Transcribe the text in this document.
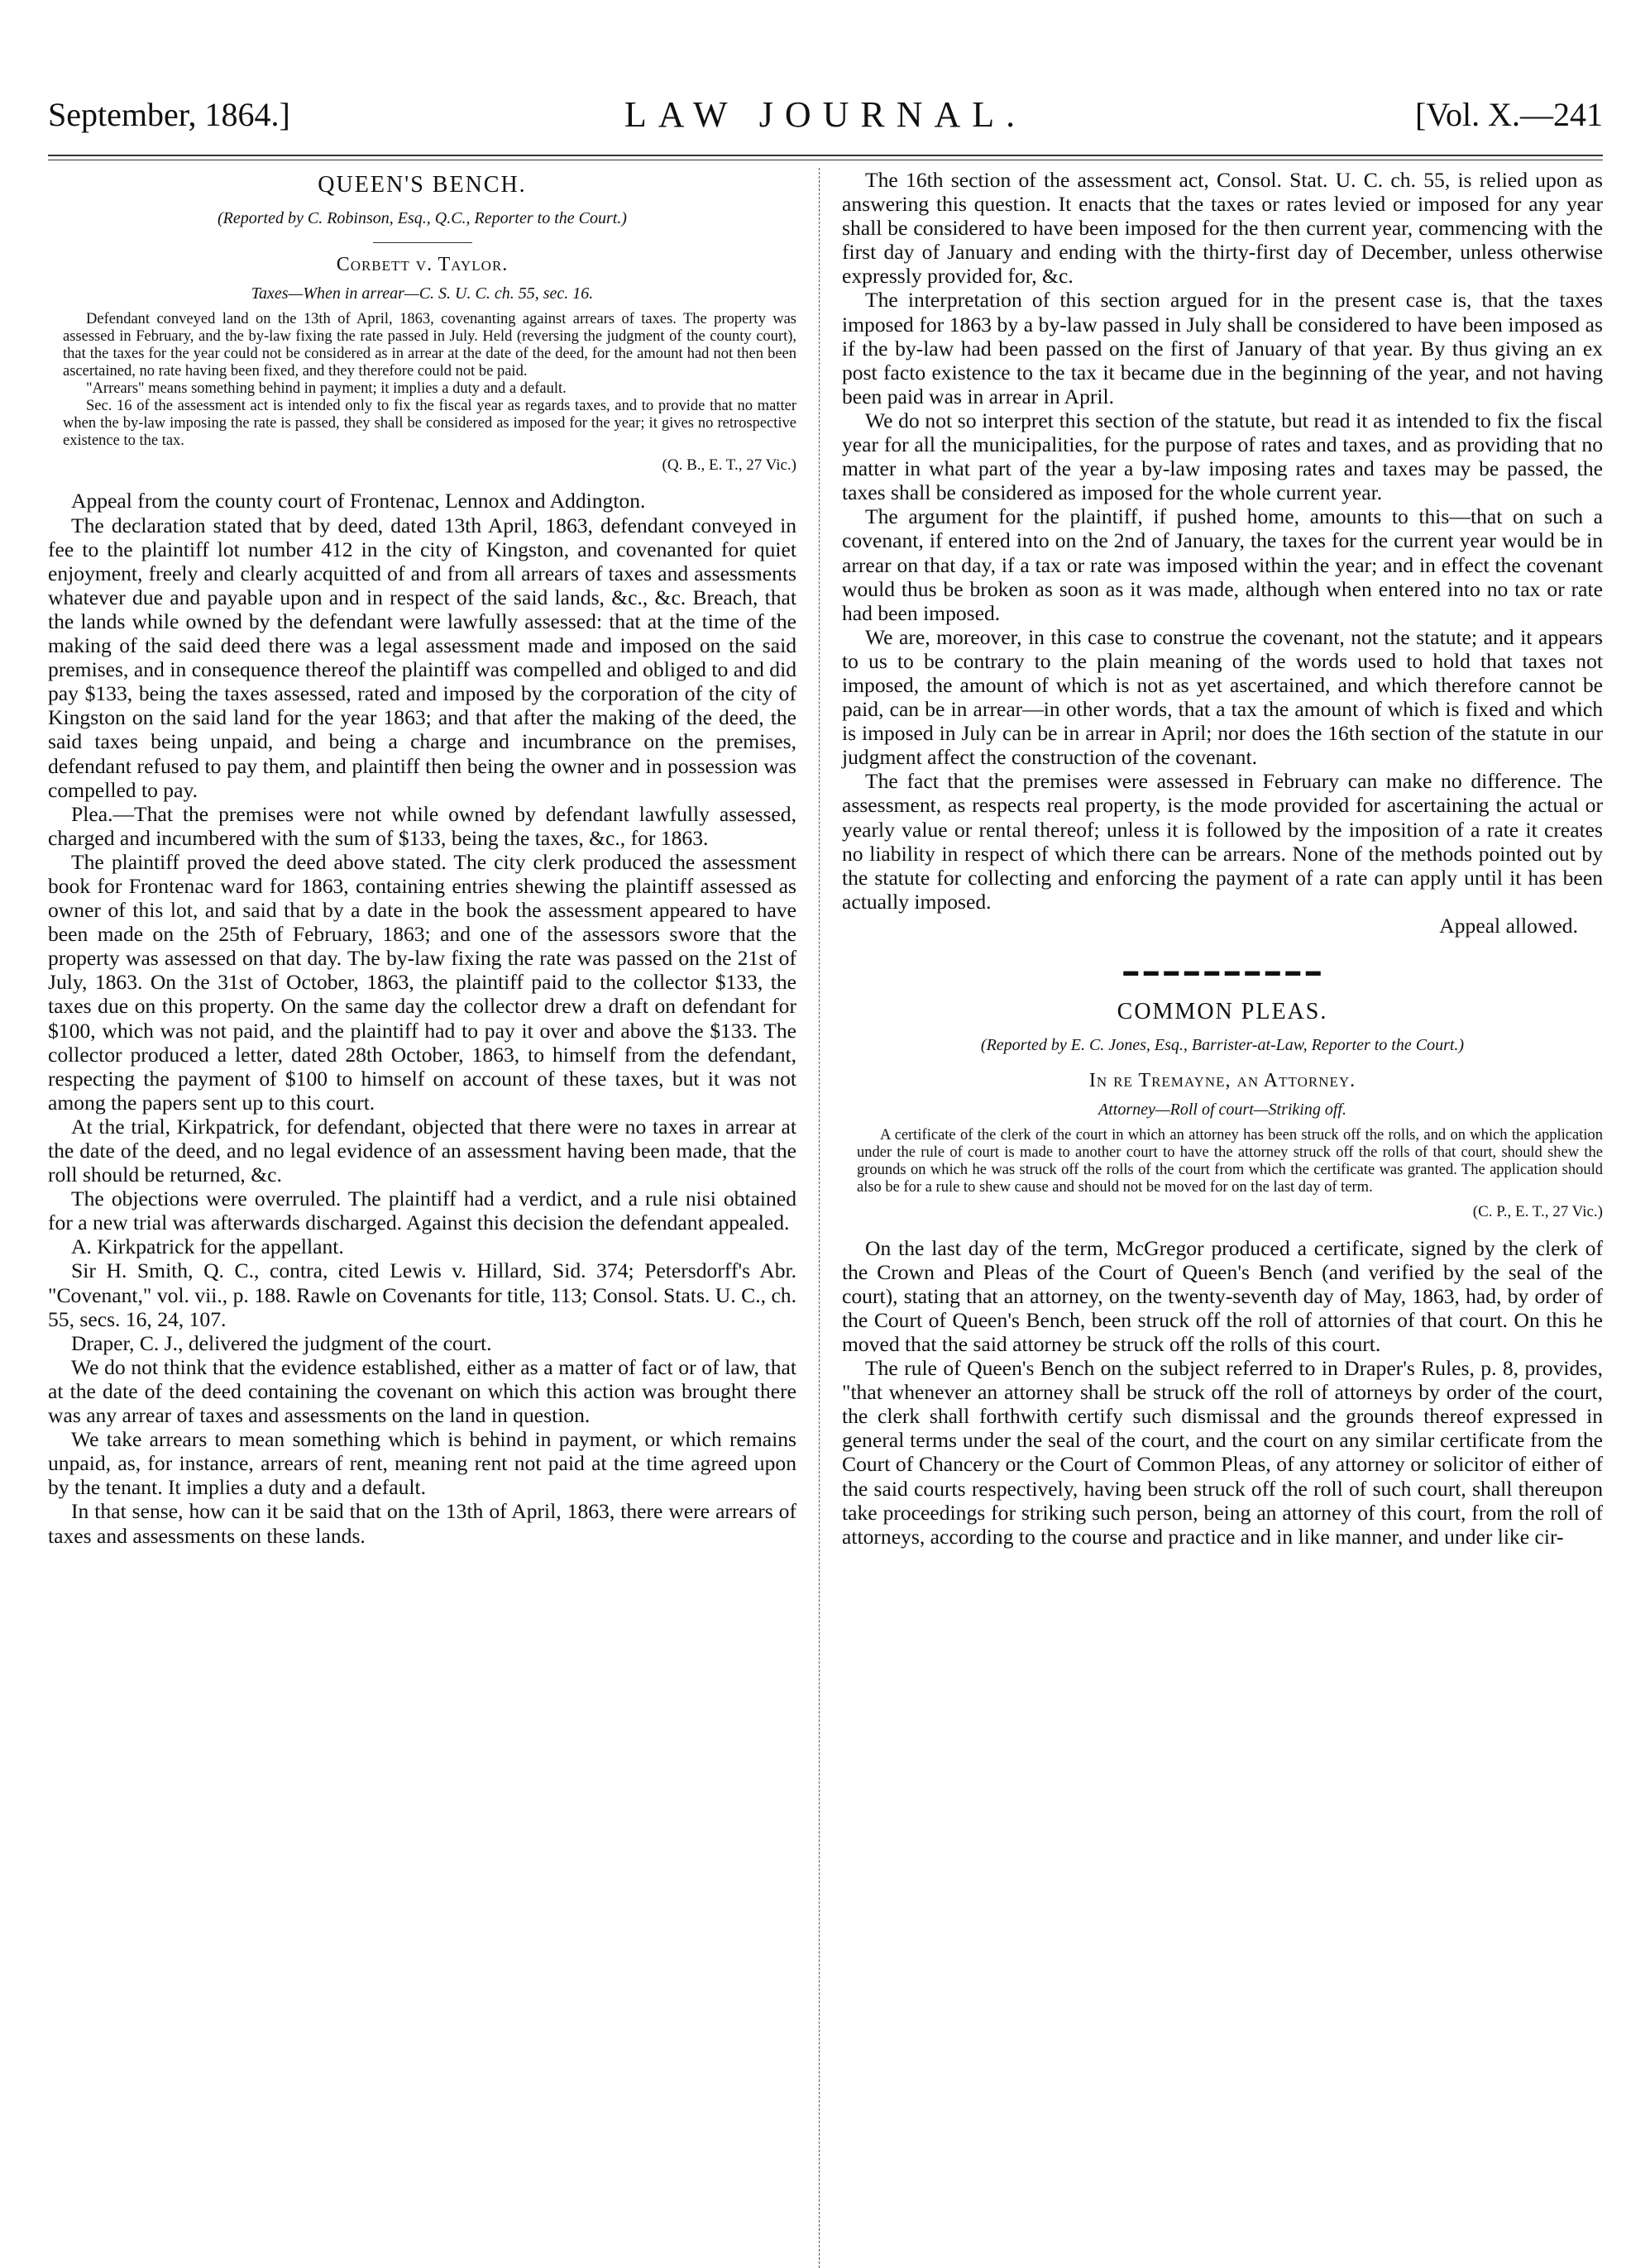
September, 1864.]	LAW JOURNAL.	[Vol. X.—241
QUEEN'S BENCH.
(Reported by C. Robinson, Esq., Q.C., Reporter to the Court.)
Corbett v. Taylor.
Taxes—When in arrear—C. S. U. C. ch. 55, sec. 16.

Defendant conveyed land on the 13th of April, 1863, covenanting against arrears of taxes. The property was assessed in February, and the by-law fixing the rate passed in July. Held (reversing the judgment of the county court), that the taxes for the year could not be considered as in arrear at the date of the deed, for the amount had not then been ascertained, no rate having been fixed, and they therefore could not be paid.

"Arrears" means something behind in payment; it implies a duty and a default.

Sec. 16 of the assessment act is intended only to fix the fiscal year as regards taxes, and to provide that no matter when the by-law imposing the rate is passed, they shall be considered as imposed for the year; it gives no retrospective existence to the tax.

(Q. B., E. T., 27 Vic.)

Appeal from the county court of Frontenac, Lennox and Addington.

The declaration stated that by deed, dated 13th April, 1863, defendant conveyed in fee to the plaintiff lot number 412 in the city of Kingston, and covenanted for quiet enjoyment, freely and clearly acquitted of and from all arrears of taxes and assessments whatever due and payable upon and in respect of the said lands, &c., &c. Breach, that the lands while owned by the defendant were lawfully assessed: that at the time of the making of the said deed there was a legal assessment made and imposed on the said premises, and in consequence thereof the plaintiff was compelled and obliged to and did pay $133, being the taxes assessed, rated and imposed by the corporation of the city of Kingston on the said land for the year 1863; and that after the making of the deed, the said taxes being unpaid, and being a charge and incumbrance on the premises, defendant refused to pay them, and plaintiff then being the owner and in possession was compelled to pay.

Plea.—That the premises were not while owned by defendant lawfully assessed, charged and incumbered with the sum of $133, being the taxes, &c., for 1863.

The plaintiff proved the deed above stated. The city clerk produced the assessment book for Frontenac ward for 1863, containing entries shewing the plaintiff assessed as owner of this lot, and said that by a date in the book the assessment appeared to have been made on the 25th of February, 1863; and one of the assessors swore that the property was assessed on that day. The by-law fixing the rate was passed on the 21st of July, 1863. On the 31st of October, 1863, the plaintiff paid to the collector $133, the taxes due on this property. On the same day the collector drew a draft on defendant for $100, which was not paid, and the plaintiff had to pay it over and above the $133. The collector produced a letter, dated 28th October, 1863, to himself from the defendant, respecting the payment of $100 to himself on account of these taxes, but it was not among the papers sent up to this court.

At the trial, Kirkpatrick, for defendant, objected that there were no taxes in arrear at the date of the deed, and no legal evidence of an assessment having been made, that the roll should be returned, &c.

The objections were overruled. The plaintiff had a verdict, and a rule nisi obtained for a new trial was afterwards discharged. Against this decision the defendant appealed.

A. Kirkpatrick for the appellant.

Sir H. Smith, Q. C., contra, cited Lewis v. Hillard, Sid. 374; Petersdorff's Abr. "Covenant," vol. vii., p. 188. Rawle on Covenants for title, 113; Consol. Stats. U. C., ch. 55, secs. 16, 24, 107.

Draper, C. J., delivered the judgment of the court.

We do not think that the evidence established, either as a matter of fact or of law, that at the date of the deed containing the covenant on which this action was brought there was any arrear of taxes and assessments on the land in question.

We take arrears to mean something which is behind in payment, or which remains unpaid, as, for instance, arrears of rent, meaning rent not paid at the time agreed upon by the tenant. It implies a duty and a default.

In that sense, how can it be said that on the 13th of April, 1863, there were arrears of taxes and assessments on these lands.

The 16th section of the assessment act, Consol. Stat. U. C. ch. 55, is relied upon as answering this question. It enacts that the taxes or rates levied or imposed for any year shall be considered to have been imposed for the then current year, commencing with the first day of January and ending with the thirty-first day of December, unless otherwise expressly provided for, &c.

The interpretation of this section argued for in the present case is, that the taxes imposed for 1863 by a by-law passed in July shall be considered to have been imposed as if the by-law had been passed on the first of January of that year. By thus giving an ex post facto existence to the tax it became due in the beginning of the year, and not having been paid was in arrear in April.

We do not so interpret this section of the statute, but read it as intended to fix the fiscal year for all the municipalities, for the purpose of rates and taxes, and as providing that no matter in what part of the year a by-law imposing rates and taxes may be passed, the taxes shall be considered as imposed for the whole current year.

The argument for the plaintiff, if pushed home, amounts to this—that on such a covenant, if entered into on the 2nd of January, the taxes for the current year would be in arrear on that day, if a tax or rate was imposed within the year; and in effect the covenant would thus be broken as soon as it was made, although when entered into no tax or rate had been imposed.

We are, moreover, in this case to construe the covenant, not the statute; and it appears to us to be contrary to the plain meaning of the words used to hold that taxes not imposed, the amount of which is not as yet ascertained, and which therefore cannot be paid, can be in arrear—in other words, that a tax the amount of which is fixed and which is imposed in July can be in arrear in April; nor does the 16th section of the statute in our judgment affect the construction of the covenant.

The fact that the premises were assessed in February can make no difference. The assessment, as respects real property, is the mode provided for ascertaining the actual or yearly value or rental thereof; unless it is followed by the imposition of a rate it creates no liability in respect of which there can be arrears. None of the methods pointed out by the statute for collecting and enforcing the payment of a rate can apply until it has been actually imposed.

Appeal allowed.

▬ ▬ ▬ ▬ ▬ ▬ ▬ ▬ ▬ ▬
COMMON PLEAS.
(Reported by E. C. Jones, Esq., Barrister-at-Law, Reporter to the Court.)
In re Tremayne, an Attorney.
Attorney—Roll of court—Striking off.

A certificate of the clerk of the court in which an attorney has been struck off the rolls, and on which the application under the rule of court is made to another court to have the attorney struck off the rolls of that court, should shew the grounds on which he was struck off the rolls of the court from which the certificate was granted. The application should also be for a rule to shew cause and should not be moved for on the last day of term.

(C. P., E. T., 27 Vic.)

On the last day of the term, McGregor produced a certificate, signed by the clerk of the Crown and Pleas of the Court of Queen's Bench (and verified by the seal of the court), stating that an attorney, on the twenty-seventh day of May, 1863, had, by order of the Court of Queen's Bench, been struck off the roll of attornies of that court. On this he moved that the said attorney be struck off the rolls of this court.

The rule of Queen's Bench on the subject referred to in Draper's Rules, p. 8, provides, "that whenever an attorney shall be struck off the roll of attorneys by order of the court, the clerk shall forthwith certify such dismissal and the grounds thereof expressed in general terms under the seal of the court, and the court on any similar certificate from the Court of Chancery or the Court of Common Pleas, of any attorney or solicitor of either of the said courts respectively, having been struck off the roll of such court, shall thereupon take proceedings for striking such person, being an attorney of this court, from the roll of attorneys, according to the course and practice and in like manner, and under like cir-
